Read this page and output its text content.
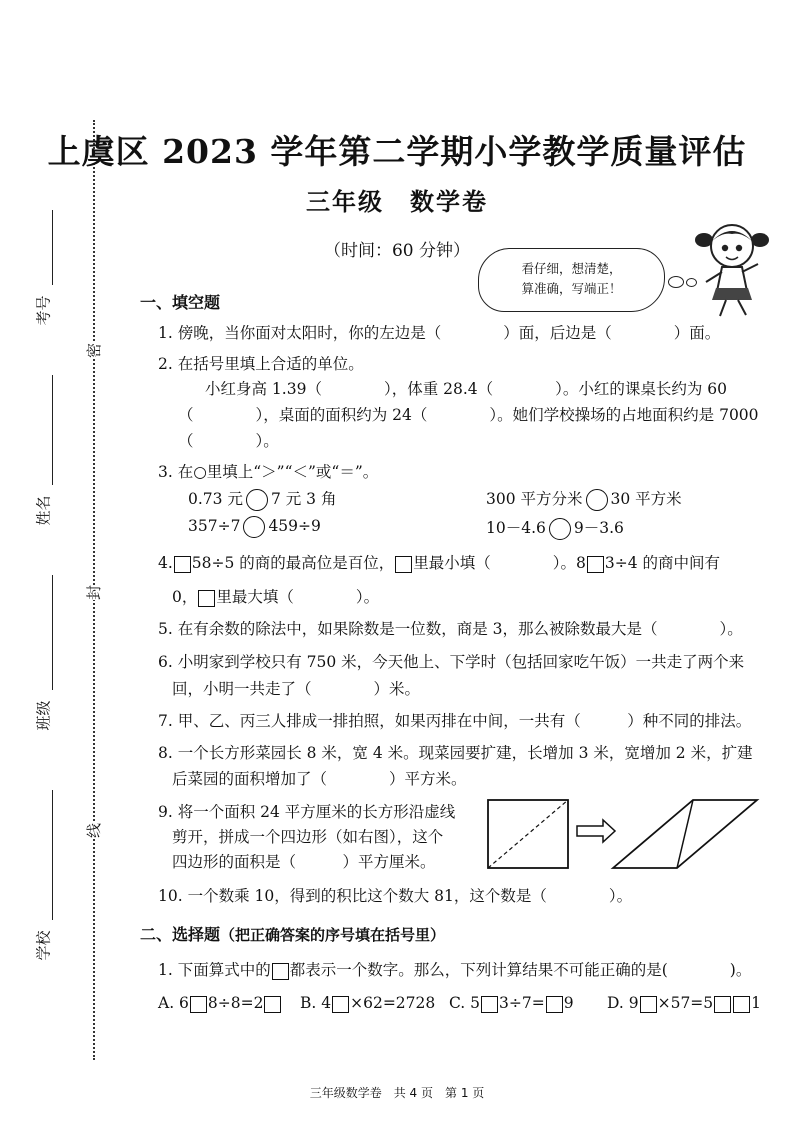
考号
姓名
班级
学校
密
封
线
上虞区 2023 学年第二学期小学教学质量评估
三年级　数学卷
（时间：60 分钟）
看仔细，想清楚，
算准确，写端正！
一、填空题
1. 傍晚，当你面对太阳时，你的左边是（　　　　）面，后边是（　　　　）面。
2. 在括号里填上合适的单位。
小红身高 1.39（　　　　），体重 28.4（　　　　）。小红的课桌长约为 60
（　　　　），桌面的面积约为 24（　　　　）。她们学校操场的占地面积约是 7000
（　　　　）。
3. 在○里填上“＞”“＜”或“＝”。
0.73 元 7 元 3 角	300 平方分米 30 平方米
357÷7 459÷9	10－4.6 9－3.6
4. 58÷5 的商的最高位是百位， 里最小填（　　　　）。8 3÷4 的商中间有
0， 里最大填（　　　　）。
5. 在有余数的除法中，如果除数是一位数，商是 3，那么被除数最大是（　　　　）。
6. 小明家到学校只有 750 米，今天他上、下学时（包括回家吃午饭）一共走了两个来
回，小明一共走了（　　　　）米。
7. 甲、乙、丙三人排成一排拍照，如果丙排在中间，一共有（　　　）种不同的排法。
8. 一个长方形菜园长 8 米，宽 4 米。现菜园要扩建，长增加 3 米，宽增加 2 米，扩建
后菜园的面积增加了（　　　　）平方米。
9. 将一个面积 24 平方厘米的长方形沿虚线
剪开，拼成一个四边形（如右图），这个
四边形的面积是（　　　）平方厘米。
10. 一个数乘 10，得到的积比这个数大 81，这个数是（　　　　）。
二、选择题（把正确答案的序号填在括号里）
1. 下面算式中的 都表示一个数字。那么，下列计算结果不可能正确的是(　　　　)。
A. 6 8÷8=2	B. 4 ×62=2728 C. 5 3÷7= 9 D. 9 ×57=5 1
三年级数学卷　共 4 页　第 1 页
